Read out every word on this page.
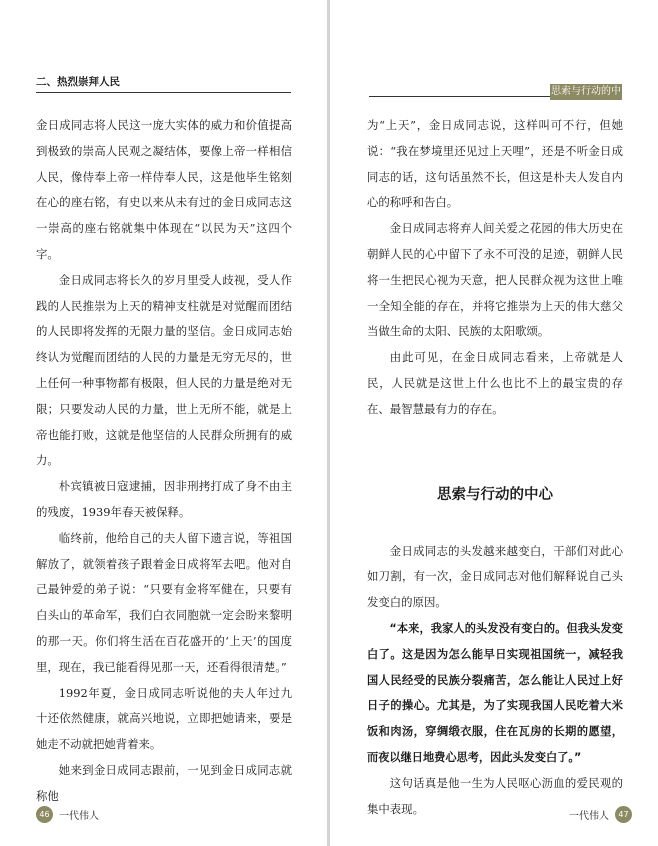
二、热烈崇拜人民

金日成同志将人民这一庞大实体的威力和价值提高到极致的崇高人民观之凝结体，要像上帝一样相信人民，像侍奉上帝一样侍奉人民，这是他毕生铭刻在心的座右铭，有史以来从未有过的金日成同志这一崇高的座右铭就集中体现在“以民为天”这四个字。

金日成同志将长久的岁月里受人歧视，受人作践的人民推崇为上天的精神支柱就是对觉醒而团结的人民即将发挥的无限力量的坚信。金日成同志始终认为觉醒而团结的人民的力量是无穷无尽的，世上任何一种事物都有极限，但人民的力量是绝对无限；只要发动人民的力量，世上无所不能，就是上帝也能打败，这就是他坚信的人民群众所拥有的威力。

朴宾镇被日寇逮捕，因非刑拷打成了身不由主的残废，1939年春天被保释。

临终前，他给自己的夫人留下遗言说，等祖国解放了，就领着孩子跟着金日成将军去吧。他对自己最钟爱的弟子说：“只要有金将军健在，只要有白头山的革命军，我们白衣同胞就一定会盼来黎明的那一天。你们将生活在百花盛开的‘上天’的国度里，现在，我已能看得见那一天，还看得很清楚。”

1992年夏，金日成同志听说他的夫人年过九十还依然健康，就高兴地说，立即把她请来，要是她走不动就把她背着来。

她来到金日成同志跟前，一见到金日成同志就称他

46 一代伟人
思索与行动的中心

为“上天”，金日成同志说，这样叫可不行，但她说：“我在梦境里还见过上天哩”，还是不听金日成同志的话，这句话虽然不长，但这是朴夫人发自内心的称呼和告白。

金日成同志将弃人间关爱之花园的伟大历史在朝鲜人民的心中留下了永不可没的足迹，朝鲜人民将一生把民心视为天意，把人民群众视为这世上唯一全知全能的存在，并将它推崇为上天的伟大慈父当做生命的太阳、民族的太阳歌颂。

由此可见，在金日成同志看来，上帝就是人民，人民就是这世上什么也比不上的最宝贵的存在、最智慧最有力的存在。

思索与行动的中心

金日成同志的头发越来越变白，干部们对此心如刀割，有一次，金日成同志对他们解释说自己头发变白的原因。

“本来，我家人的头发没有变白的。但我头发变白了。这是因为怎么能早日实现祖国统一，减轻我国人民经受的民族分裂痛苦，怎么能让人民过上好日子的操心。尤其是，为了实现我国人民吃着大米饭和肉汤，穿绸缎衣服，住在瓦房的长期的愿望，而夜以继日地费心思考，因此头发变白了。”

这句话真是他一生为人民呕心沥血的爱民观的集中表现。

一代伟人	47
